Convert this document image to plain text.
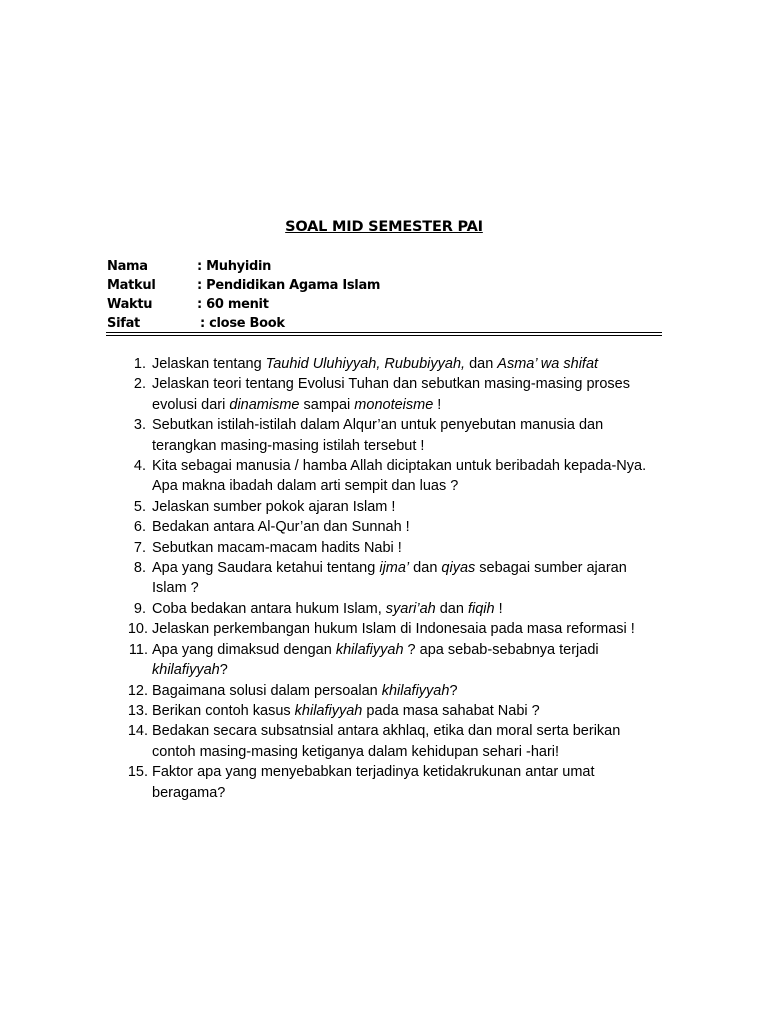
SOAL MID SEMESTER PAI
Nama	: Muhyidin
Matkul	: Pendidikan Agama Islam
Waktu	: 60 menit
Sifat	: close Book
1. Jelaskan tentang Tauhid Uluhiyyah, Rububiyyah, dan Asma’ wa shifat
2. Jelaskan teori tentang Evolusi Tuhan dan sebutkan masing-masing proses evolusi dari dinamisme sampai monoteisme !
3. Sebutkan istilah-istilah dalam Alqur’an untuk penyebutan manusia dan terangkan masing-masing istilah tersebut !
4. Kita sebagai manusia / hamba Allah diciptakan untuk beribadah kepada-Nya. Apa makna ibadah dalam arti sempit dan luas ?
5. Jelaskan sumber pokok ajaran Islam !
6. Bedakan antara Al-Qur’an dan Sunnah !
7. Sebutkan macam-macam hadits Nabi !
8. Apa yang Saudara ketahui tentang ijma’ dan qiyas sebagai sumber ajaran Islam ?
9. Coba bedakan antara hukum Islam, syari’ah dan fiqih !
10. Jelaskan perkembangan hukum Islam di Indonesaia pada masa reformasi !
11. Apa yang dimaksud dengan khilafiyyah ? apa sebab-sebabnya terjadi khilafiyyah?
12. Bagaimana solusi dalam persoalan khilafiyyah?
13. Berikan contoh kasus khilafiyyah pada masa sahabat Nabi ?
14. Bedakan secara subsatnsial antara akhlaq, etika dan moral serta berikan contoh masing-masing ketiganya dalam kehidupan sehari -hari!
15. Faktor apa yang menyebabkan terjadinya ketidakrukunan antar umat beragama?
